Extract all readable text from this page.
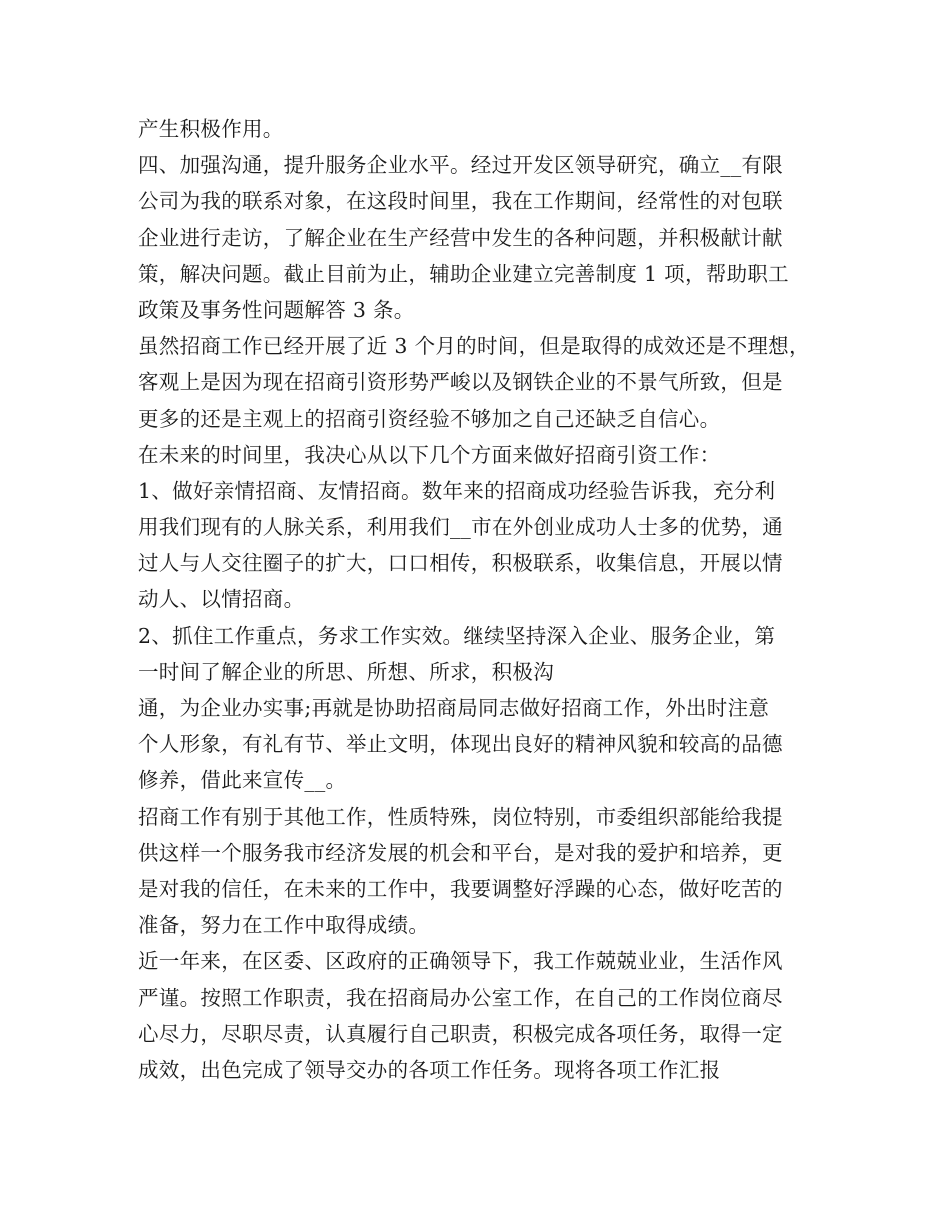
产生积极作用。
四、加强沟通，提升服务企业水平。经过开发区领导研究，确立__有限
公司为我的联系对象，在这段时间里，我在工作期间，经常性的对包联
企业进行走访，了解企业在生产经营中发生的各种问题，并积极献计献
策，解决问题。截止目前为止，辅助企业建立完善制度 1 项，帮助职工
政策及事务性问题解答 3 条。
虽然招商工作已经开展了近 3 个月的时间，但是取得的成效还是不理想，
客观上是因为现在招商引资形势严峻以及钢铁企业的不景气所致，但是
更多的还是主观上的招商引资经验不够加之自己还缺乏自信心。
在未来的时间里，我决心从以下几个方面来做好招商引资工作：
1、做好亲情招商、友情招商。数年来的招商成功经验告诉我，充分利
用我们现有的人脉关系，利用我们__市在外创业成功人士多的优势，通
过人与人交往圈子的扩大，口口相传，积极联系，收集信息，开展以情
动人、以情招商。
2、抓住工作重点，务求工作实效。继续坚持深入企业、服务企业，第
一时间了解企业的所思、所想、所求，积极沟
通，为企业办实事;再就是协助招商局同志做好招商工作，外出时注意
个人形象，有礼有节、举止文明，体现出良好的精神风貌和较高的品德
修养，借此来宣传__。
招商工作有别于其他工作，性质特殊，岗位特别，市委组织部能给我提
供这样一个服务我市经济发展的机会和平台，是对我的爱护和培养，更
是对我的信任，在未来的工作中，我要调整好浮躁的心态，做好吃苦的
准备，努力在工作中取得成绩。
近一年来，在区委、区政府的正确领导下，我工作兢兢业业，生活作风
严谨。按照工作职责，我在招商局办公室工作，在自己的工作岗位商尽
心尽力，尽职尽责，认真履行自己职责，积极完成各项任务，取得一定
成效，出色完成了领导交办的各项工作任务。现将各项工作汇报
